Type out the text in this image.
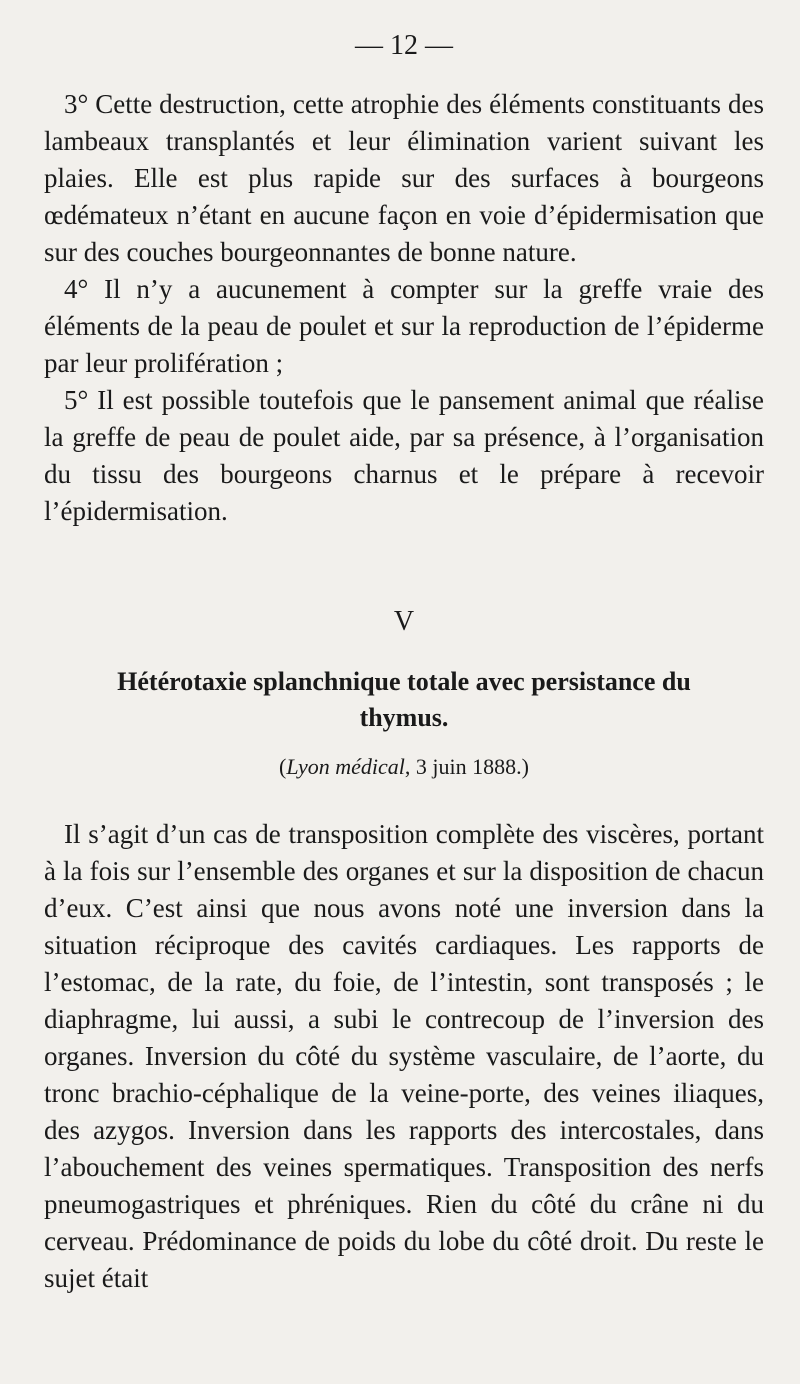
— 12 —

3° Cette destruction, cette atrophie des éléments constituants des lambeaux transplantés et leur élimination varient suivant les plaies. Elle est plus rapide sur des surfaces à bourgeons œdémateux n’étant en aucune façon en voie d’épidermisation que sur des couches bourgeonnantes de bonne nature.

4° Il n’y a aucunement à compter sur la greffe vraie des éléments de la peau de poulet et sur la reproduction de l’épiderme par leur prolifération ;

5° Il est possible toutefois que le pansement animal que réalise la greffe de peau de poulet aide, par sa présence, à l’organisation du tissu des bourgeons charnus et le prépare à recevoir l’épidermisation.

V
Hétérotaxie splanchnique totale avec persistance du thymus.
(Lyon médical, 3 juin 1888.)

Il s’agit d’un cas de transposition complète des viscères, portant à la fois sur l’ensemble des organes et sur la disposition de chacun d’eux. C’est ainsi que nous avons noté une inversion dans la situation réciproque des cavités cardiaques. Les rapports de l’estomac, de la rate, du foie, de l’intestin, sont transposés ; le diaphragme, lui aussi, a subi le contrecoup de l’inversion des organes. Inversion du côté du système vasculaire, de l’aorte, du tronc brachio-céphalique de la veine-porte, des veines iliaques, des azygos. Inversion dans les rapports des intercostales, dans l’abouchement des veines spermatiques. Transposition des nerfs pneumogastriques et phréniques. Rien du côté du crâne ni du cerveau. Prédominance de poids du lobe du côté droit. Du reste le sujet était
